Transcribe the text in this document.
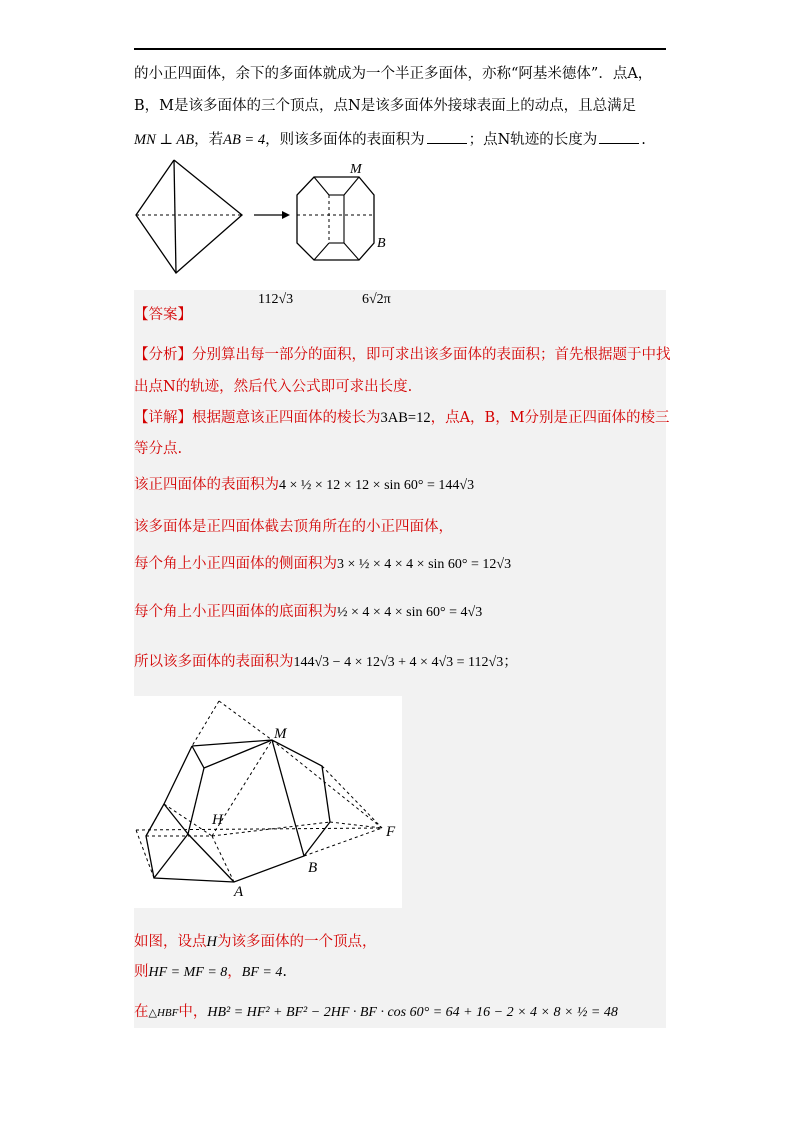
的小正四面体，余下的多面体就成为一个半正多面体，亦称“阿基米德体”．点A，
B，M是该多面体的三个顶点，点N是该多面体外接球表面上的动点，且总满足
MN ⊥ AB，若AB = 4，则该多面体的表面积为	；点N轨迹的长度为	.
M
B
【答案】
112√3	6√2π
【分析】分别算出每一部分的面积，即可求出该多面体的表面积；首先根据题于中找
出点N的轨迹，然后代入公式即可求出长度.
【详解】根据题意该正四面体的棱长为3AB=12，点A，B，M分别是正四面体的棱三
等分点.
该正四面体的表面积为4 × ½ × 12 × 12 × sin 60° = 144√3
该多面体是正四面体截去顶角所在的小正四面体，
每个角上小正四面体的侧面积为3 × ½ × 4 × 4 × sin 60° = 12√3
每个角上小正四面体的底面积为½ × 4 × 4 × sin 60° = 4√3
所以该多面体的表面积为144√3 − 4 × 12√3 + 4 × 4√3 = 112√3；
M
H
F
B
A
如图，设点H为该多面体的一个顶点，
则HF = MF = 8，BF = 4.
在△HBF中，HB² = HF² + BF² − 2HF · BF · cos 60° = 64 + 16 − 2 × 4 × 8 × ½ = 48
